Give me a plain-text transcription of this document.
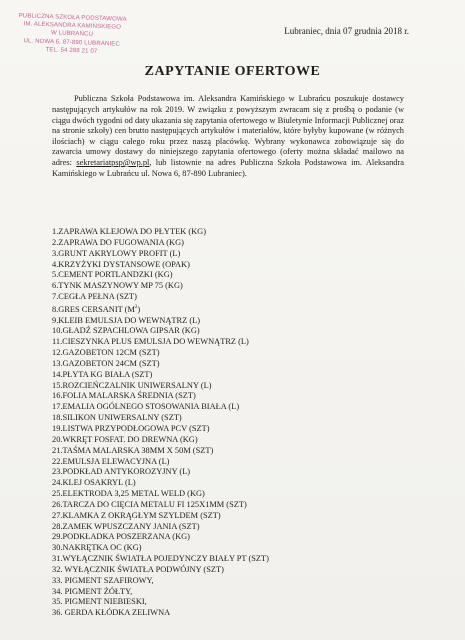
PUBLICZNA SZKOŁA PODSTAWOWA
IM. ALEKSANDRA KAMIŃSKIEGO
W LUBRAŃCU
UL. NOWA 6, 87-890 LUBRANIEC
TEL. 54 288 21 07
Lubraniec, dnia 07 grudnia 2018 r.
ZAPYTANIE OFERTOWE

Publiczna Szkoła Podstawowa im. Aleksandra Kamińskiego w Lubrańcu poszukuje dostawcy następujących artykułów na rok 2019. W związku z powyższym zwracam się z prośbą o podanie (w ciągu dwóch tygodni od daty ukazania się zapytania ofertowego w Biuletynie Informacji Publicznej oraz na stronie szkoły) cen brutto następujących artykułów i materiałów, które byłyby kupowane (w różnych ilościach) w ciągu całego roku przez naszą placówkę. Wybrany wykonawca zobowiązuje się do zawarcia umowy dostawy do niniejszego zapytania ofertowego (oferty można składać mailowo na adres: sekretariatpsp@wp.pl, lub listownie na adres Publiczna Szkoła Podstawowa im. Aleksandra Kamińskiego w Lubrańcu ul. Nowa 6, 87-890 Lubraniec).

1.ZAPRAWA KLEJOWA DO PŁYTEK (KG)
2.ZAPRAWA DO FUGOWANIA (KG)
3.GRUNT AKRYLOWY PROFIT (L)
4.KRZYŻYKI DYSTANSOWE (OPAK)
5.CEMENT PORTLANDZKI (KG)
6.TYNK MASZYNOWY MP 75 (KG)
7.CEGŁA PEŁNA (SZT)
8.GRES CERSANIT $(M^2)$
9.KLEIB EMULSJA DO WEWNĄTRZ (L)
10.GŁADŹ SZPACHLOWA GIPSAR (KG)
11.CIESZYNKA PLUS EMULSJA DO WEWNĄTRZ (L)
12.GAZOBETON 12CM (SZT)
13.GAZOBETON 24CM (SZT)
14.PŁYTA KG BIAŁA (SZT)
15.ROZCIEŃCZALNIK UNIWERSALNY (L)
16.FOLIA MALARSKA ŚREDNIA (SZT)
17.EMALIA OGÓLNEGO STOSOWANIA BIAŁA (L)
18.SILIKON UNIWERSALNY (SZT)
19.LISTWA PRZYPODŁOGOWA PCV (SZT)
20.WKRĘT FOSFAT. DO DREWNA (KG)
21.TAŚMA MALARSKA 38MM X 50M (SZT)
22.EMULSJA ELEWACYJNA (L)
23.PODKŁAD ANTYKOROZYJNY (L)
24.KLEJ OSAKRYL (L)
25.ELEKTRODA 3,25 METAL WELD (KG)
26.TARCZA DO CIĘCIA METALU FI 125X1MM (SZT)
27.KLAMKA Z OKRĄGŁYM SZYLDEM (SZT)
28.ZAMEK WPUSZCZANY JANIA (SZT)
29.PODKŁADKA POSZERZANA (KG)
30.NAKRĘTKA OC (KG)
31.WYŁĄCZNIK ŚWIATŁA POJEDYNCZY BIAŁY PT (SZT)
32. WYŁĄCZNIK ŚWIATŁA PODWÓJNY (SZT)
33. PIGMENT SZAFIROWY,
34. PIGMENT ŻÓŁTY,
35. PIGMENT NIEBIESKI,
36. GERDA KŁÓDKA ZELIWNA
